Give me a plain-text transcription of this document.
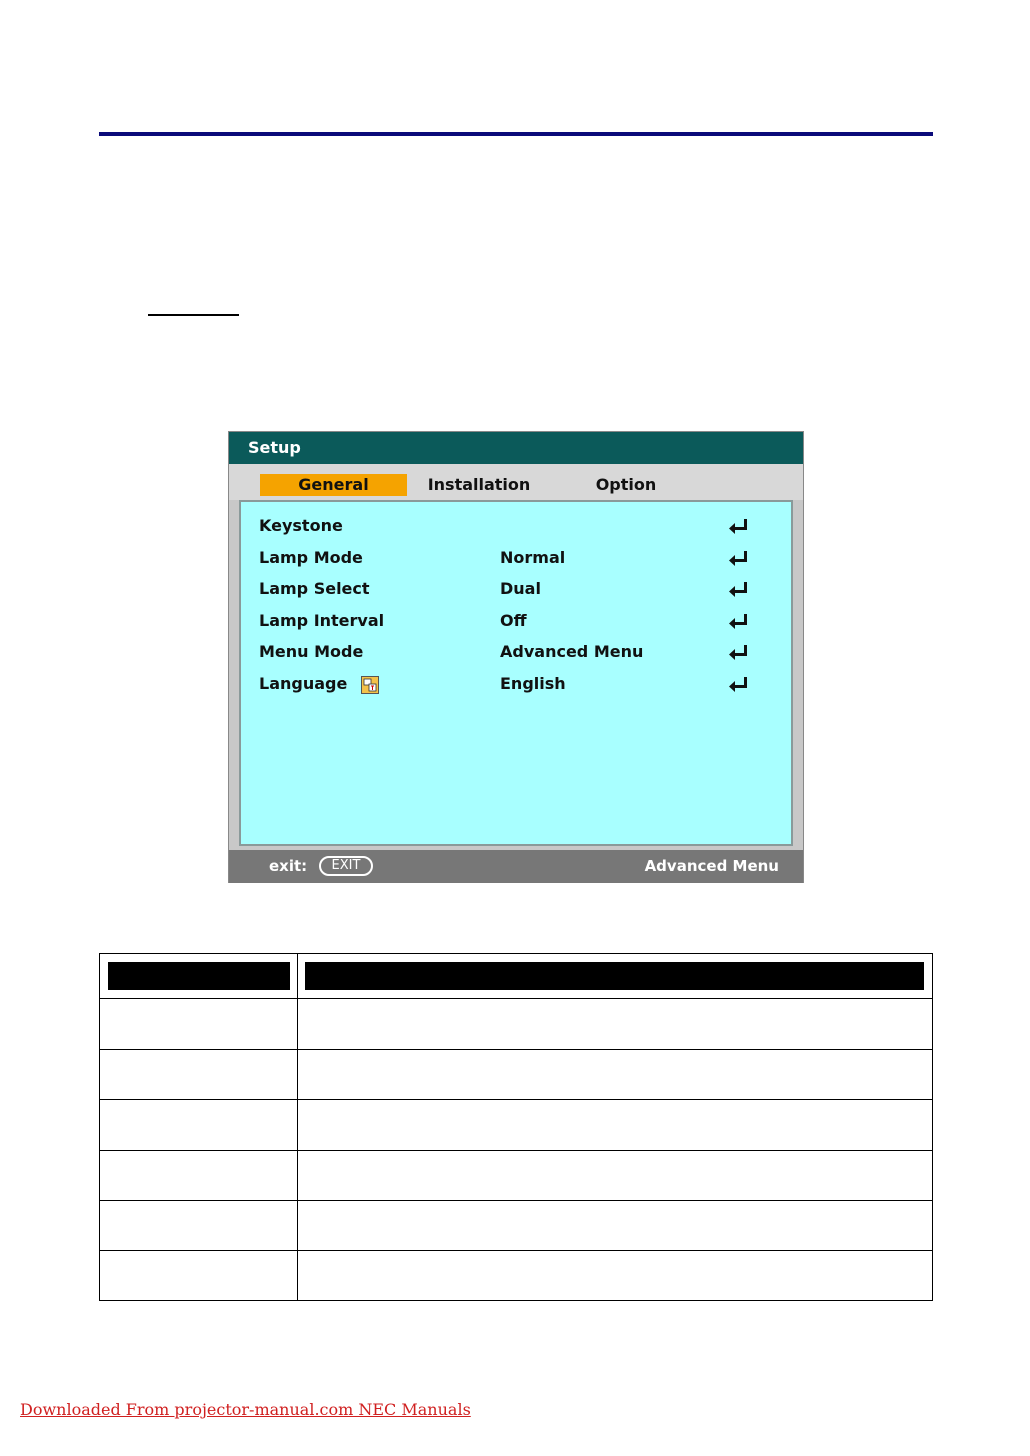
Setup
General	Installation	Option
Keystone
Lamp Mode	Normal
Lamp Select	Dual
Lamp Interval	Off
Menu Mode	Advanced Menu
Language	English
exit:	EXIT	Advanced Menu
Downloaded From projector-manual.com NEC Manuals
